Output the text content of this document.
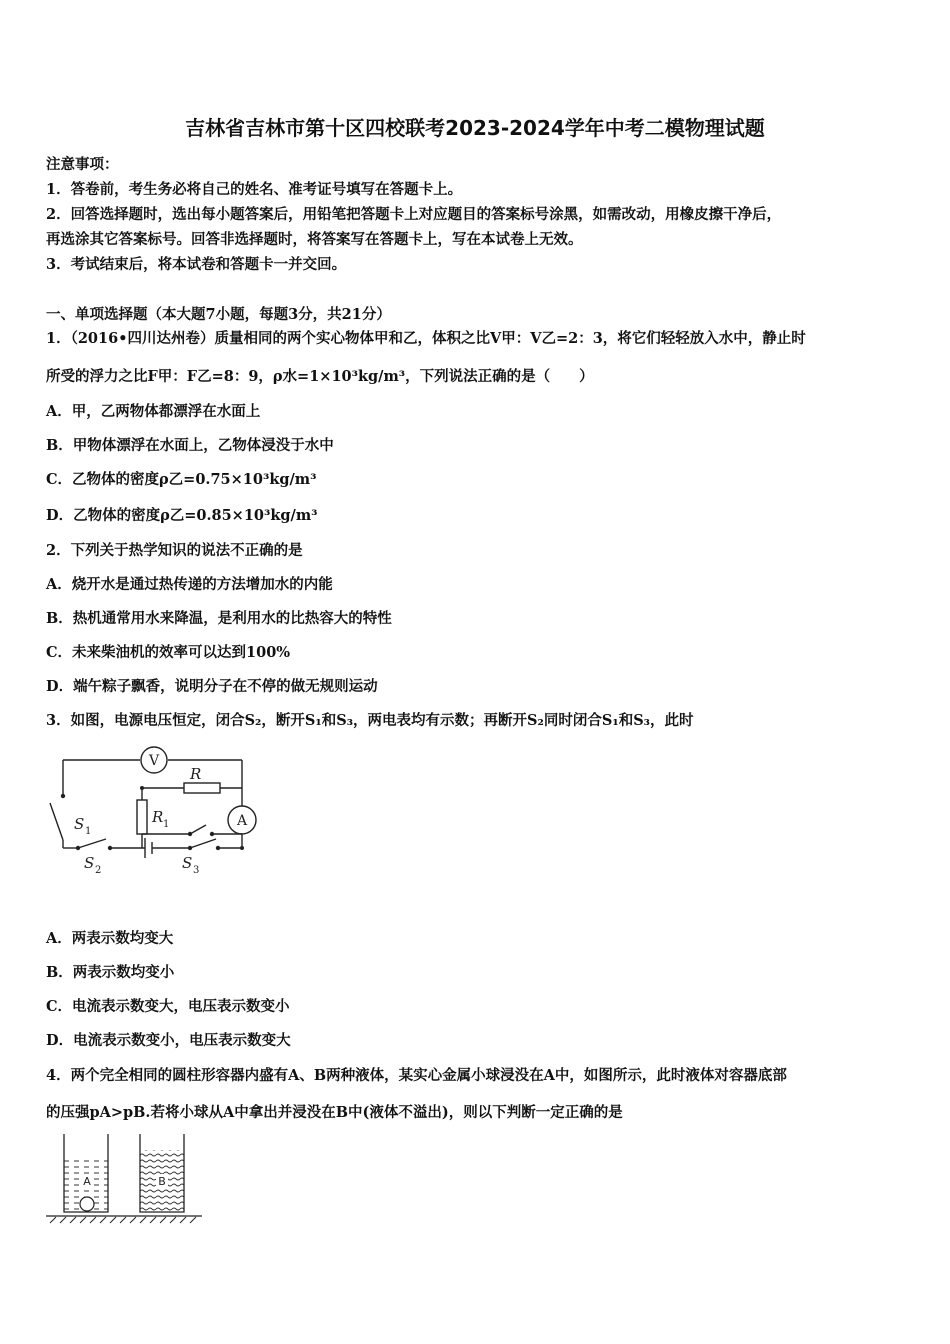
吉林省吉林市第十区四校联考2023-2024学年中考二模物理试题
注意事项：
1．答卷前，考生务必将自己的姓名、准考证号填写在答题卡上。
2．回答选择题时，选出每小题答案后，用铅笔把答题卡上对应题目的答案标号涂黑，如需改动，用橡皮擦干净后，
再选涂其它答案标号。回答非选择题时，将答案写在答题卡上，写在本试卷上无效。
3．考试结束后，将本试卷和答题卡一并交回。
一、单项选择题（本大题7小题，每题3分，共21分）
1．（2016•四川达州卷）质量相同的两个实心物体甲和乙，体积之比V甲：V乙=2：3，将它们轻轻放入水中，静止时
所受的浮力之比F甲：F乙=8：9，ρ水=1×10³kg/m³，下列说法正确的是（　　）
A．甲，乙两物体都漂浮在水面上
B．甲物体漂浮在水面上，乙物体浸没于水中
C．乙物体的密度ρ乙=0.75×10³kg/m³
D．乙物体的密度ρ乙=0.85×10³kg/m³
2．下列关于热学知识的说法不正确的是
A．烧开水是通过热传递的方法增加水的内能
B．热机通常用水来降温，是利用水的比热容大的特性
C．未来柴油机的效率可以达到100%
D．端午粽子飘香，说明分子在不停的做无规则运动
3．如图，电源电压恒定，闭合S₂，断开S₁和S₃，两电表均有示数；再断开S₂同时闭合S₁和S₃，此时
V
A
R
R 1
S 1
S 2	S 3
A．两表示数均变大
B．两表示数均变小
C．电流表示数变大，电压表示数变小
D．电流表示数变小，电压表示数变大
4．两个完全相同的圆柱形容器内盛有A、B两种液体，某实心金属小球浸没在A中，如图所示，此时液体对容器底部
的压强pA>pB.若将小球从A中拿出并浸没在B中(液体不溢出)，则以下判断一定正确的是
A	B
